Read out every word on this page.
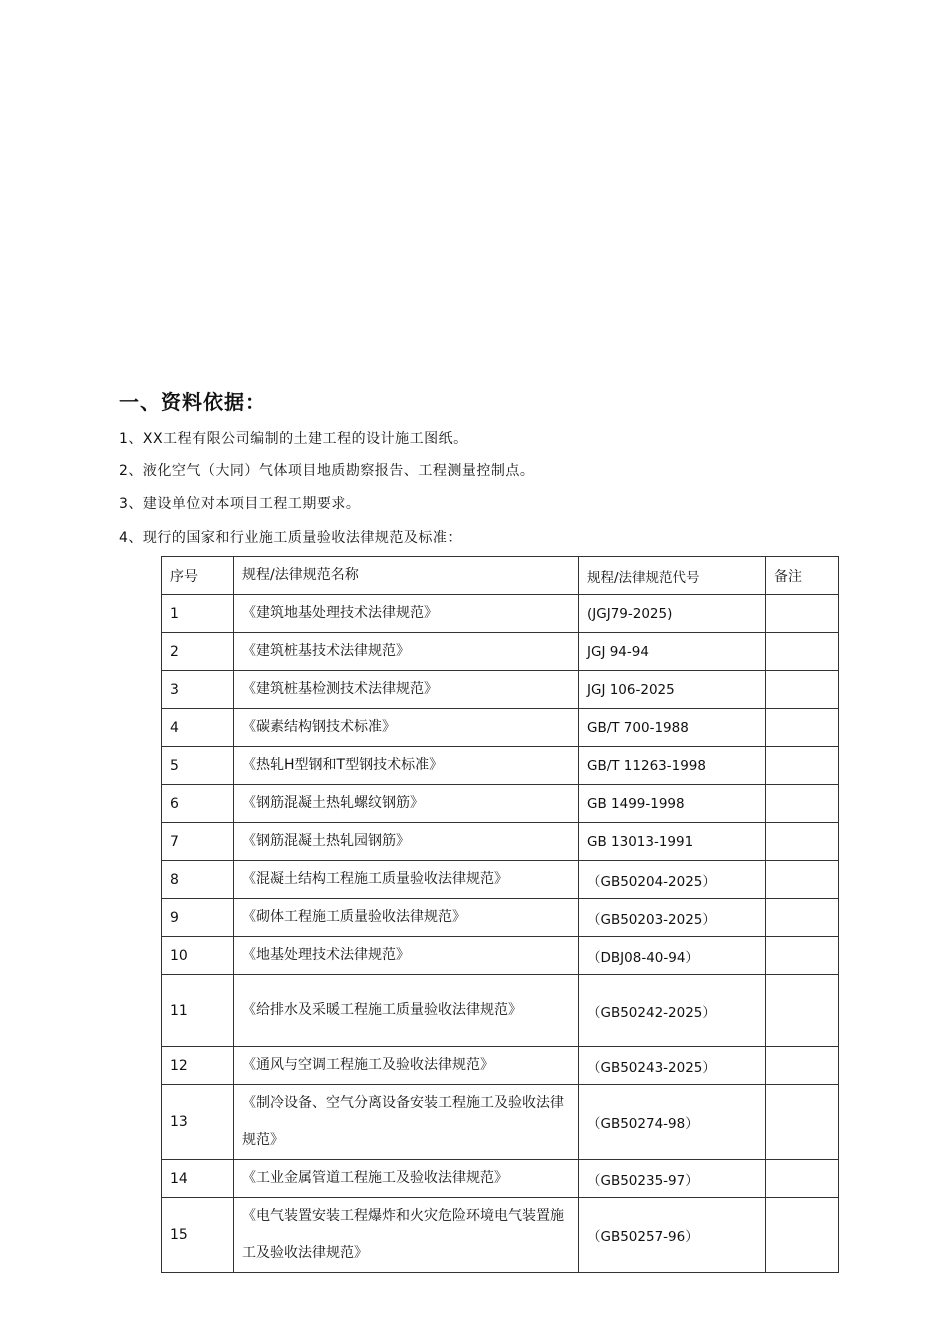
一、资料依据：
1、XX工程有限公司编制的土建工程的设计施工图纸。
2、液化空气（大同）气体项目地质勘察报告、工程测量控制点。
3、建设单位对本项目工程工期要求。
4、现行的国家和行业施工质量验收法律规范及标准：
序号	规程/法律规范名称	规程/法律规范代号	备注
1	《建筑地基处理技术法律规范》	(JGJ79-2025)	
2	《建筑桩基技术法律规范》	JGJ 94-94	
3	《建筑桩基检测技术法律规范》	JGJ 106-2025	
4	《碳素结构钢技术标准》	GB/T 700-1988	
5	《热轧H型钢和T型钢技术标准》	GB/T 11263-1998	
6	《钢筋混凝土热轧螺纹钢筋》	GB 1499-1998	
7	《钢筋混凝土热轧园钢筋》	GB 13013-1991	
8	《混凝土结构工程施工质量验收法律规范》	（GB50204-2025）	
9	《砌体工程施工质量验收法律规范》	（GB50203-2025）	
10	《地基处理技术法律规范》	（DBJ08-40-94）	
11	《给排水及采暖工程施工质量验收法律规范》	（GB50242-2025）	
12	《通风与空调工程施工及验收法律规范》	（GB50243-2025）	
13	《制冷设备、空气分离设备安装工程施工及验收法律规范》	（GB50274-98）	
14	《工业金属管道工程施工及验收法律规范》	（GB50235-97）	
15	《电气装置安装工程爆炸和火灾危险环境电气装置施工及验收法律规范》	（GB50257-96）	
